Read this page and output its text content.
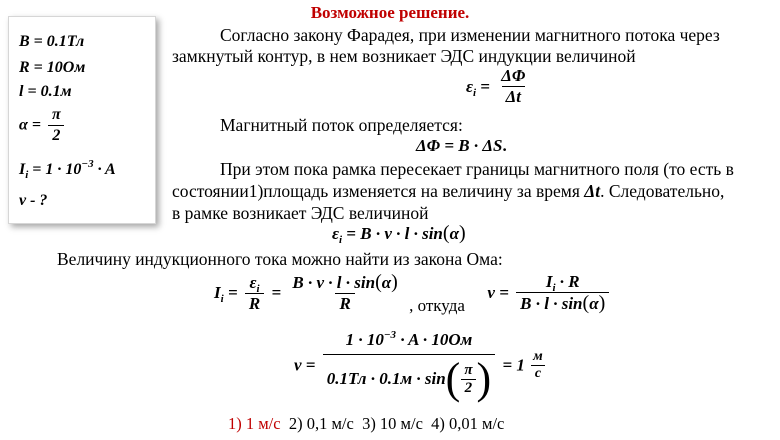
Возможное решение.
B = 0.1Тл
R = 10Ом
l = 0.1м
$\alpha = \frac{\pi}{2}$
$I_i = 1 \cdot 10^{-3} \cdot A$
v - ?
Согласно закону Фарадея, при изменении магнитного потока через
замкнутый контур, в нем возникает ЭДС индукции величиной
$\varepsilon_i = \frac{\Delta\Phi}{\Delta t}$
Магнитный поток определяется:
ΔΦ = B · ΔS.
При этом пока рамка пересекает границы магнитного поля (то есть в
состоянии1)площадь изменяется на величину за время Δt. Следовательно,
в рамке возникает ЭДС величиной
$\varepsilon_i = B \cdot v \cdot l \cdot \sin(\alpha)$
Величину индукционного тока можно найти из закона Ома:
$I_i = \frac{\varepsilon_i}{R} = \frac{B \cdot v \cdot l \cdot \sin(\alpha)}{R}$ , откуда  $v = \frac{I_i \cdot R}{B \cdot l \cdot \sin(\alpha)}$
v =
$1 \cdot 10^{-3} \cdot A \cdot 10Ом$
0.1Тл · 0.1м · sin ( $\frac{\pi}{2}$ ) = $1 \frac{м}{с}$
1) 1 м/с 2) 0,1 м/с 3) 10 м/с 4) 0,01 м/с
